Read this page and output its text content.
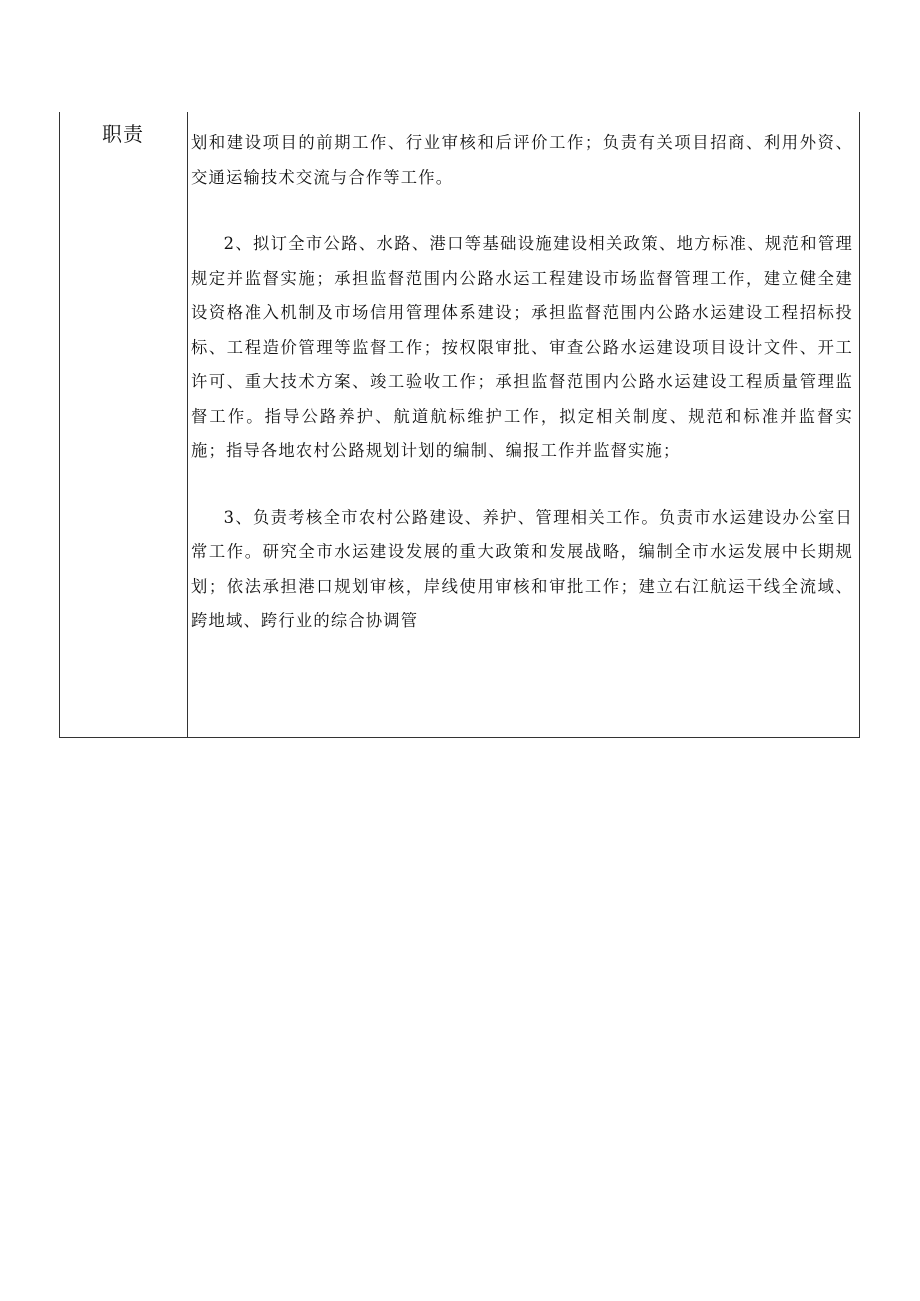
职责	划和建设项目的前期工作、行业审核和后评价工作；负责有关项目招商、利用外资、交通运输技术交流与合作等工作。

2、拟订全市公路、水路、港口等基础设施建设相关政策、地方标准、规范和管理规定并监督实施；承担监督范围内公路水运工程建设市场监督管理工作，建立健全建设资格准入机制及市场信用管理体系建设；承担监督范围内公路水运建设工程招标投标、工程造价管理等监督工作；按权限审批、审查公路水运建设项目设计文件、开工许可、重大技术方案、竣工验收工作；承担监督范围内公路水运建设工程质量管理监督工作。指导公路养护、航道航标维护工作，拟定相关制度、规范和标准并监督实施；指导各地农村公路规划计划的编制、编报工作并监督实施；

3、负责考核全市农村公路建设、养护、管理相关工作。负责市水运建设办公室日常工作。研究全市水运建设发展的重大政策和发展战略，编制全市水运发展中长期规划；依法承担港口规划审核，岸线使用审核和审批工作；建立右江航运干线全流域、跨地域、跨行业的综合协调管
